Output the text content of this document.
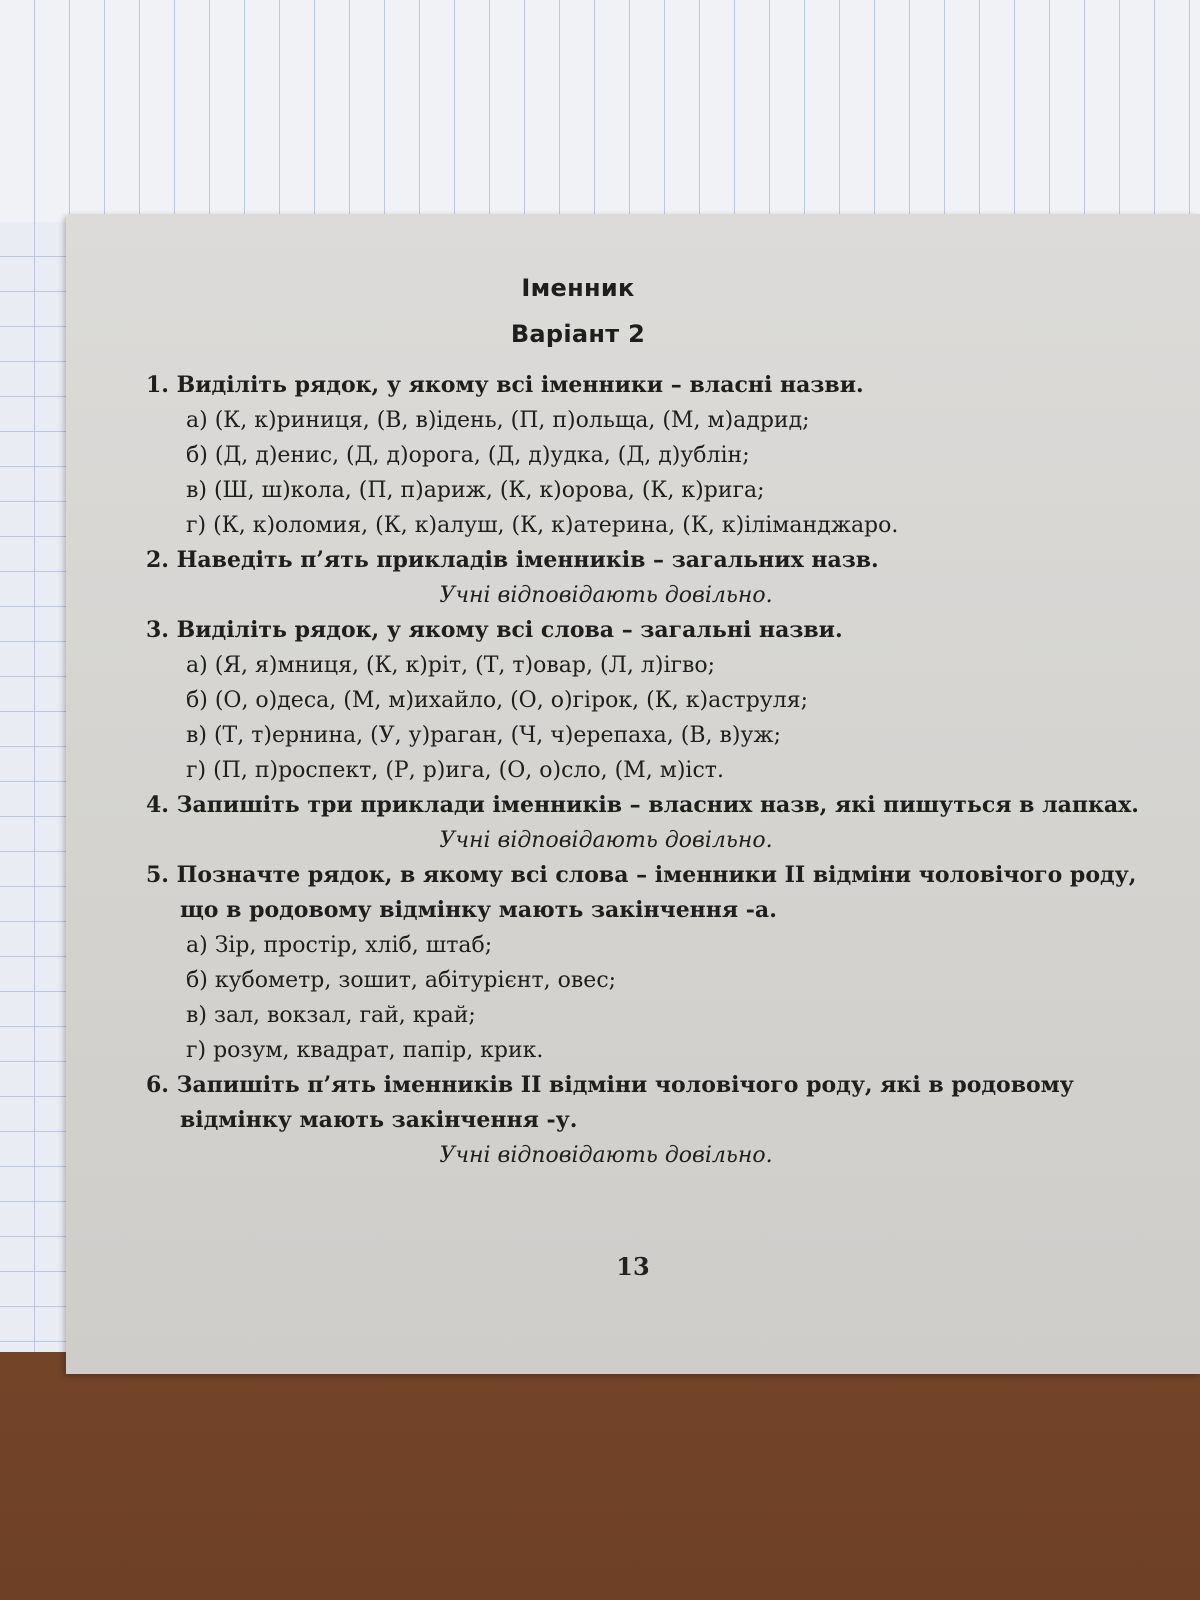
Іменник
Варіант 2
1. Виділіть рядок, у якому всі іменники – власні назви.
а) (К, к)риниця, (В, в)ідень, (П, п)ольща, (М, м)адрид;
б) (Д, д)енис, (Д, д)орога, (Д, д)удка, (Д, д)ублін;
в) (Ш, ш)кола, (П, п)ариж, (К, к)орова, (К, к)рига;
г) (К, к)оломия, (К, к)алуш, (К, к)атерина, (К, к)іліманджаро.
2. Наведіть п’ять прикладів іменників – загальних назв.
Учні відповідають довільно.
3. Виділіть рядок, у якому всі слова – загальні назви.
а) (Я, я)мниця, (К, к)ріт, (Т, т)овар, (Л, л)ігво;
б) (О, о)деса, (М, м)ихайло, (О, о)гірок, (К, к)аструля;
в) (Т, т)ернина, (У, у)раган, (Ч, ч)ерепаха, (В, в)уж;
г) (П, п)роспект, (Р, р)ига, (О, о)сло, (М, м)іст.
4. Запишіть три приклади іменників – власних назв, які пишуться в лапках.
Учні відповідають довільно.
5. Позначте рядок, в якому всі слова – іменники ІІ відміни чоловічого роду, що в родовому відмінку мають закінчення -а.
а) Зір, простір, хліб, штаб;
б) кубометр, зошит, абітурієнт, овес;
в) зал, вокзал, гай, край;
г) розум, квадрат, папір, крик.
6. Запишіть п’ять іменників ІІ відміни чоловічого роду, які в родовому відмінку мають закінчення -у.
Учні відповідають довільно.
13
